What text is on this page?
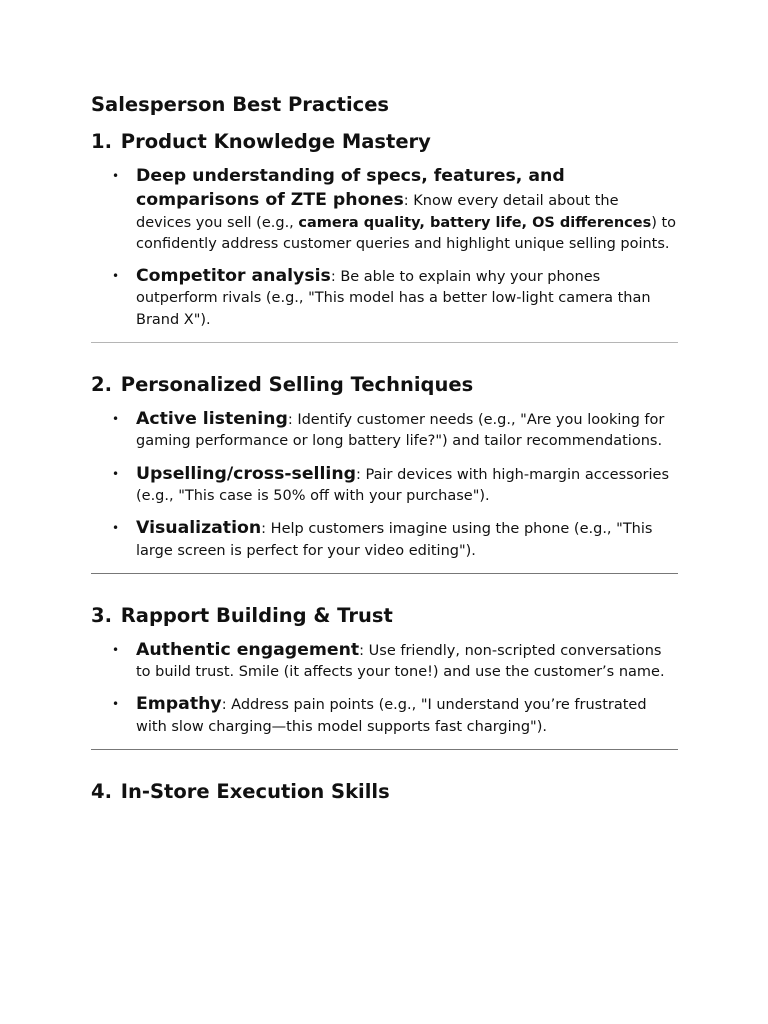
Salesperson Best Practices
1. Product Knowledge Mastery
• Deep understanding of specs, features, and comparisons of ZTE phones: Know every detail about the devices you sell (e.g., camera quality, battery life, OS differences) to confidently address customer queries and highlight unique selling points.
• Competitor analysis: Be able to explain why your phones outperform rivals (e.g., "This model has a better low-light camera than Brand X").
2. Personalized Selling Techniques
• Active listening: Identify customer needs (e.g., "Are you looking for gaming performance or long battery life?") and tailor recommendations.
• Upselling/cross-selling: Pair devices with high-margin accessories (e.g., "This case is 50% off with your purchase").
• Visualization: Help customers imagine using the phone (e.g., "This large screen is perfect for your video editing").
3. Rapport Building & Trust
• Authentic engagement: Use friendly, non-scripted conversations to build trust. Smile (it affects your tone!) and use the customer’s name.
• Empathy: Address pain points (e.g., "I understand you’re frustrated with slow charging—this model supports fast charging").
4. In-Store Execution Skills
